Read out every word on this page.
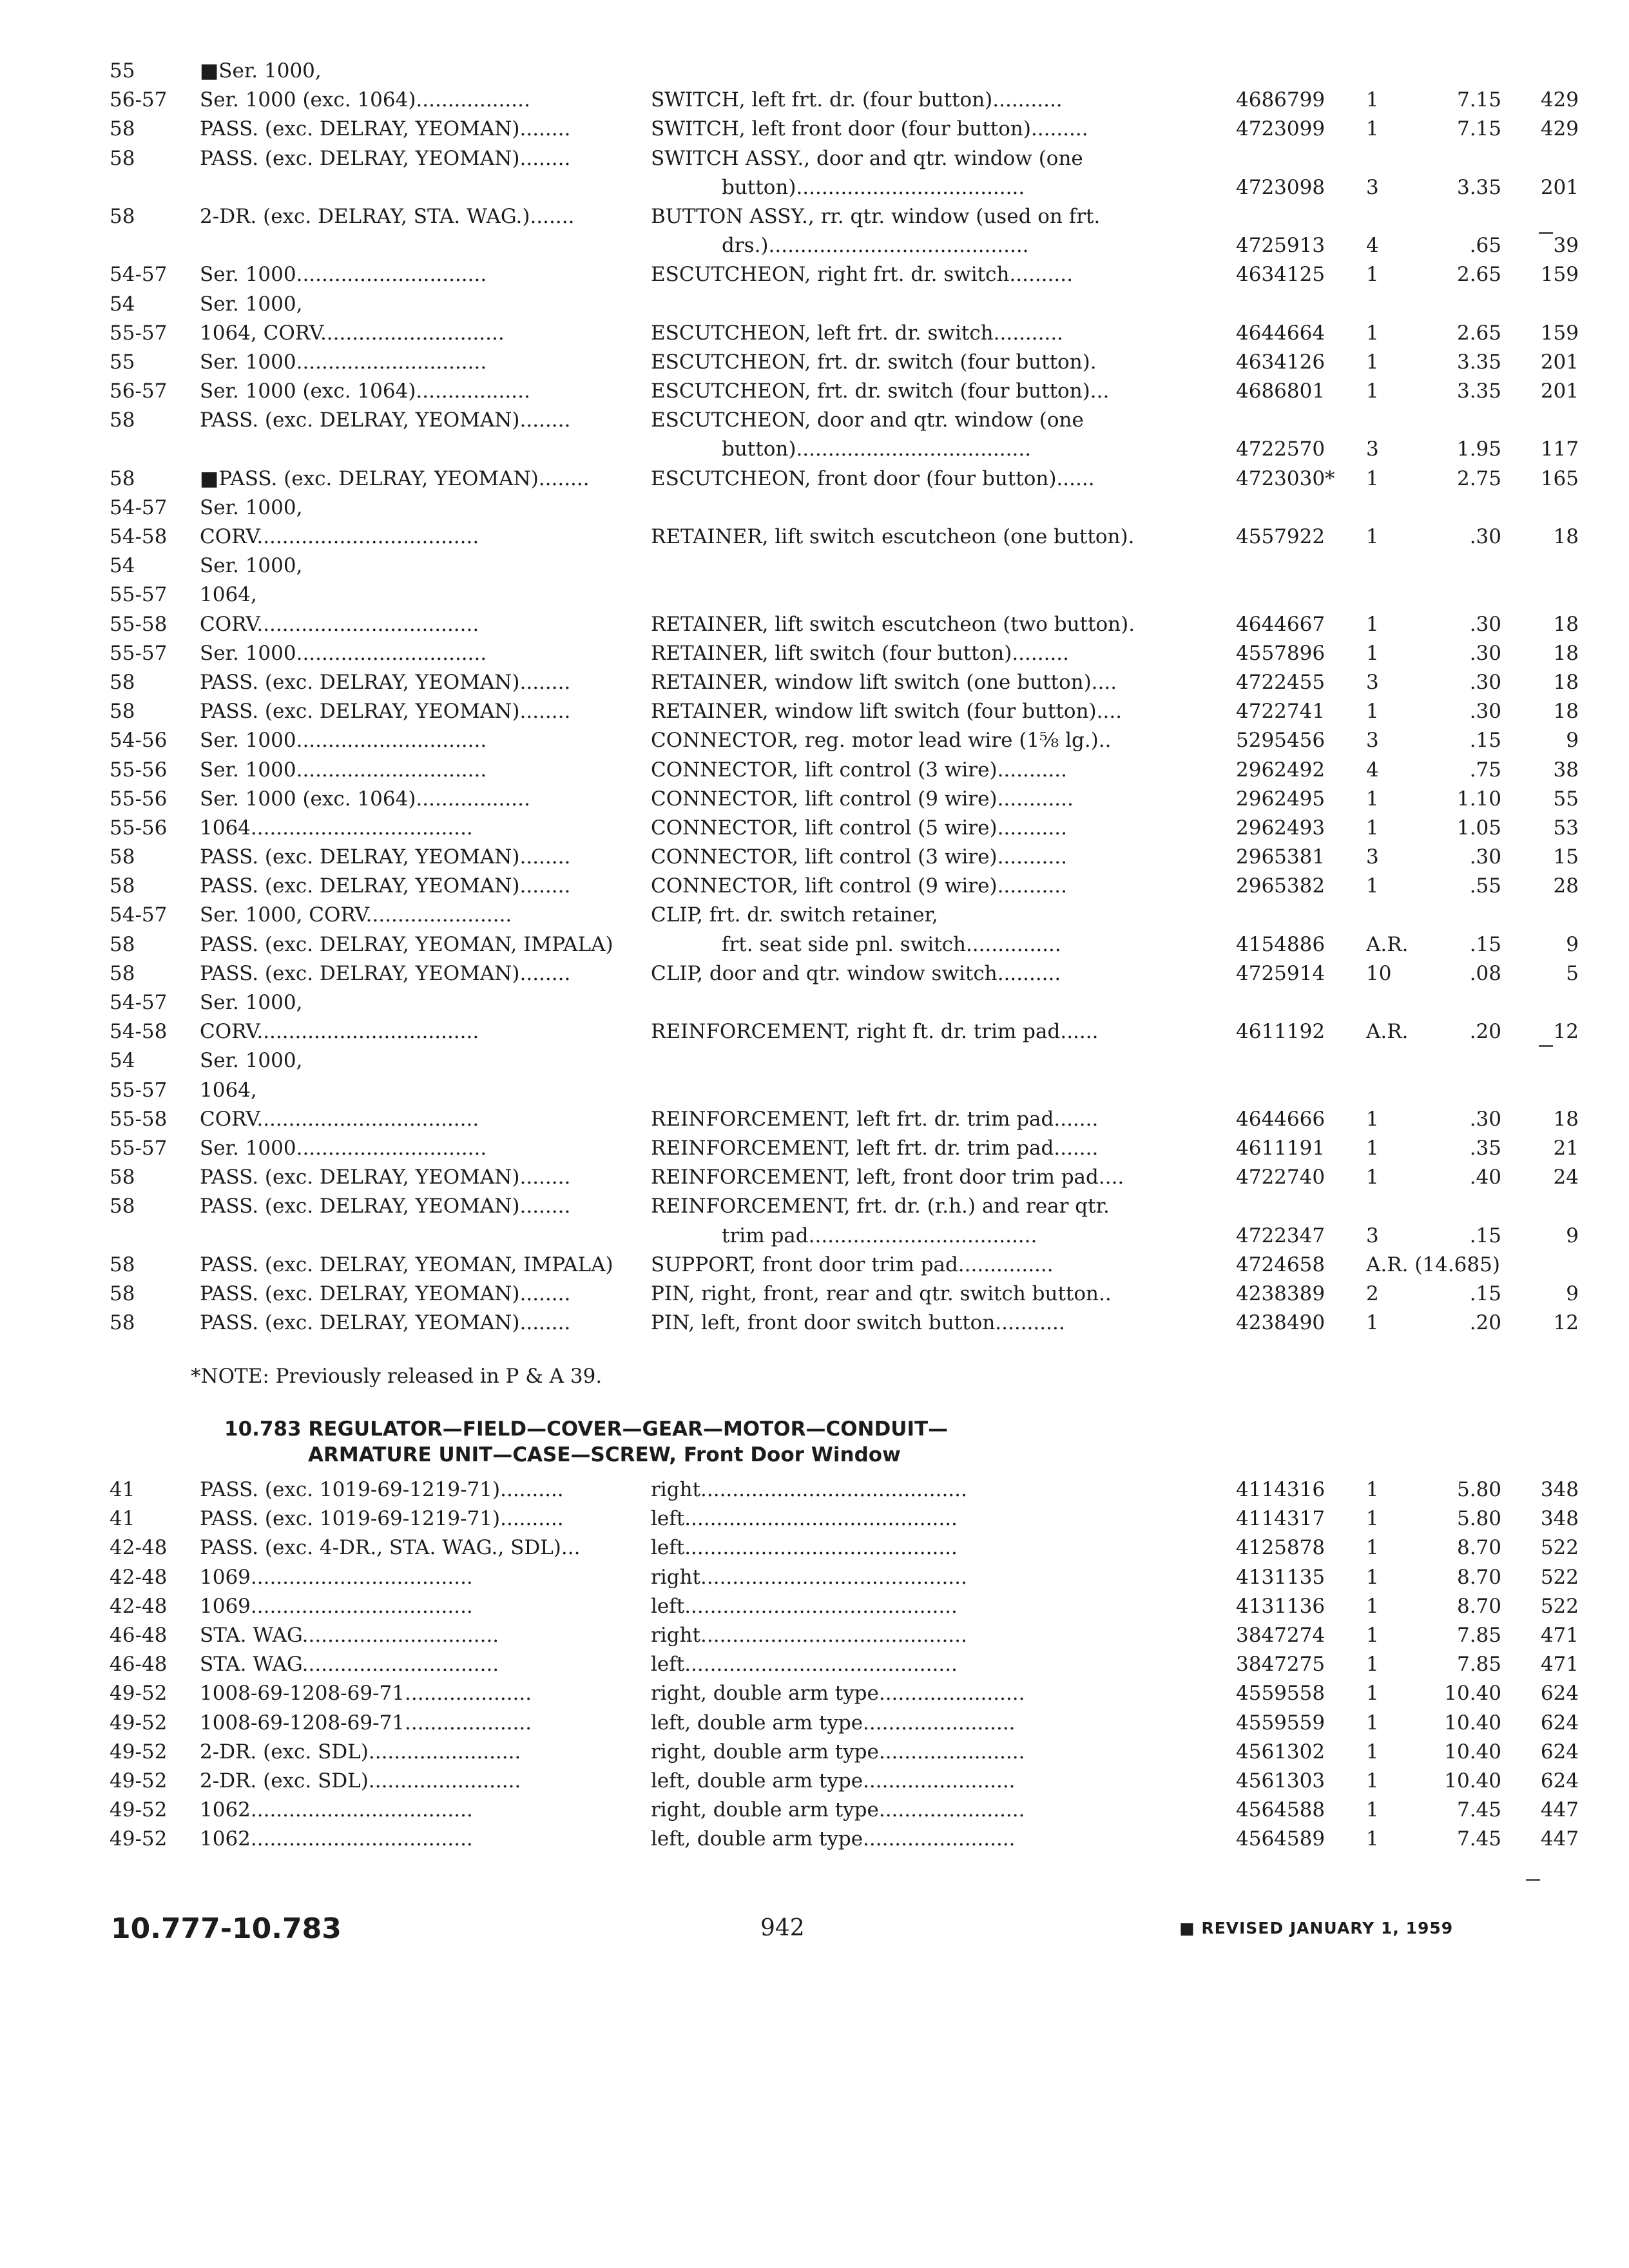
55	■Ser. 1000,
56-57	Ser. 1000 (exc. 1064)..................	SWITCH, left frt. dr. (four button)...........	4686799	1	7.15	429
58	PASS. (exc. DELRAY, YEOMAN)........	SWITCH, left front door (four button).........	4723099	1	7.15	429
58	PASS. (exc. DELRAY, YEOMAN)........	SWITCH ASSY., door and qtr. window (one
button)....................................	4723098	3	3.35	201
58	2-DR. (exc. DELRAY, STA. WAG.).......	BUTTON ASSY., rr. qtr. window (used on frt.
drs.).........................................	4725913	4	.65	39
54-57	Ser. 1000..............................	ESCUTCHEON, right frt. dr. switch..........	4634125	1	2.65	159
54	Ser. 1000,
55-57	1064, CORV.............................	ESCUTCHEON, left frt. dr. switch...........	4644664	1	2.65	159
55	Ser. 1000..............................	ESCUTCHEON, frt. dr. switch (four button).	4634126	1	3.35	201
56-57	Ser. 1000 (exc. 1064)..................	ESCUTCHEON, frt. dr. switch (four button)...	4686801	1	3.35	201
58	PASS. (exc. DELRAY, YEOMAN)........	ESCUTCHEON, door and qtr. window (one
button).....................................	4722570	3	1.95	117
58	■PASS. (exc. DELRAY, YEOMAN)........	ESCUTCHEON, front door (four button)......	4723030*	1	2.75	165
54-57	Ser. 1000,
54-58	CORV...................................	RETAINER, lift switch escutcheon (one button).	4557922	1	.30	18
54	Ser. 1000,
55-57	1064,
55-58	CORV...................................	RETAINER, lift switch escutcheon (two button).	4644667	1	.30	18
55-57	Ser. 1000..............................	RETAINER, lift switch (four button).........	4557896	1	.30	18
58	PASS. (exc. DELRAY, YEOMAN)........	RETAINER, window lift switch (one button)....	4722455	3	.30	18
58	PASS. (exc. DELRAY, YEOMAN)........	RETAINER, window lift switch (four button)....	4722741	1	.30	18
54-56	Ser. 1000..............................	CONNECTOR, reg. motor lead wire (1⅝ lg.)..	5295456	3	.15	9
55-56	Ser. 1000..............................	CONNECTOR, lift control (3 wire)...........	2962492	4	.75	38
55-56	Ser. 1000 (exc. 1064)..................	CONNECTOR, lift control (9 wire)............	2962495	1	1.10	55
55-56	1064...................................	CONNECTOR, lift control (5 wire)...........	2962493	1	1.05	53
58	PASS. (exc. DELRAY, YEOMAN)........	CONNECTOR, lift control (3 wire)...........	2965381	3	.30	15
58	PASS. (exc. DELRAY, YEOMAN)........	CONNECTOR, lift control (9 wire)...........	2965382	1	.55	28
54-57	Ser. 1000, CORV.......................	CLIP, frt. dr. switch retainer,
58	PASS. (exc. DELRAY, YEOMAN, IMPALA)	frt. seat side pnl. switch...............	4154886	A.R.	.15	9
58	PASS. (exc. DELRAY, YEOMAN)........	CLIP, door and qtr. window switch..........	4725914	10	.08	5
54-57	Ser. 1000,
54-58	CORV...................................	REINFORCEMENT, right ft. dr. trim pad......	4611192	A.R.	.20	12
54	Ser. 1000,
55-57	1064,
55-58	CORV...................................	REINFORCEMENT, left frt. dr. trim pad.......	4644666	1	.30	18
55-57	Ser. 1000..............................	REINFORCEMENT, left frt. dr. trim pad.......	4611191	1	.35	21
58	PASS. (exc. DELRAY, YEOMAN)........	REINFORCEMENT, left, front door trim pad....	4722740	1	.40	24
58	PASS. (exc. DELRAY, YEOMAN)........	REINFORCEMENT, frt. dr. (r.h.) and rear qtr.
trim pad....................................	4722347	3	.15	9
58	PASS. (exc. DELRAY, YEOMAN, IMPALA)	SUPPORT, front door trim pad...............	4724658	A.R. (14.685)
58	PASS. (exc. DELRAY, YEOMAN)........	PIN, right, front, rear and qtr. switch button..	4238389	2	.15	9
58	PASS. (exc. DELRAY, YEOMAN)........	PIN, left, front door switch button...........	4238490	1	.20	12
*NOTE: Previously released in P & A 39.
10.783 REGULATOR—FIELD—COVER—GEAR—MOTOR—CONDUIT—
ARMATURE UNIT—CASE—SCREW, Front Door Window
41	PASS. (exc. 1019-69-1219-71)..........	right..........................................	4114316	1	5.80	348
41	PASS. (exc. 1019-69-1219-71)..........	left...........................................	4114317	1	5.80	348
42-48	PASS. (exc. 4-DR., STA. WAG., SDL)...	left...........................................	4125878	1	8.70	522
42-48	1069...................................	right..........................................	4131135	1	8.70	522
42-48	1069...................................	left...........................................	4131136	1	8.70	522
46-48	STA. WAG...............................	right..........................................	3847274	1	7.85	471
46-48	STA. WAG...............................	left...........................................	3847275	1	7.85	471
49-52	1008-69-1208-69-71....................	right, double arm type.......................	4559558	1	10.40	624
49-52	1008-69-1208-69-71....................	left, double arm type........................	4559559	1	10.40	624
49-52	2-DR. (exc. SDL)........................	right, double arm type.......................	4561302	1	10.40	624
49-52	2-DR. (exc. SDL)........................	left, double arm type........................	4561303	1	10.40	624
49-52	1062...................................	right, double arm type.......................	4564588	1	7.45	447
49-52	1062...................................	left, double arm type........................	4564589	1	7.45	447
10.777-10.783	942	■ REVISED JANUARY 1, 1959
